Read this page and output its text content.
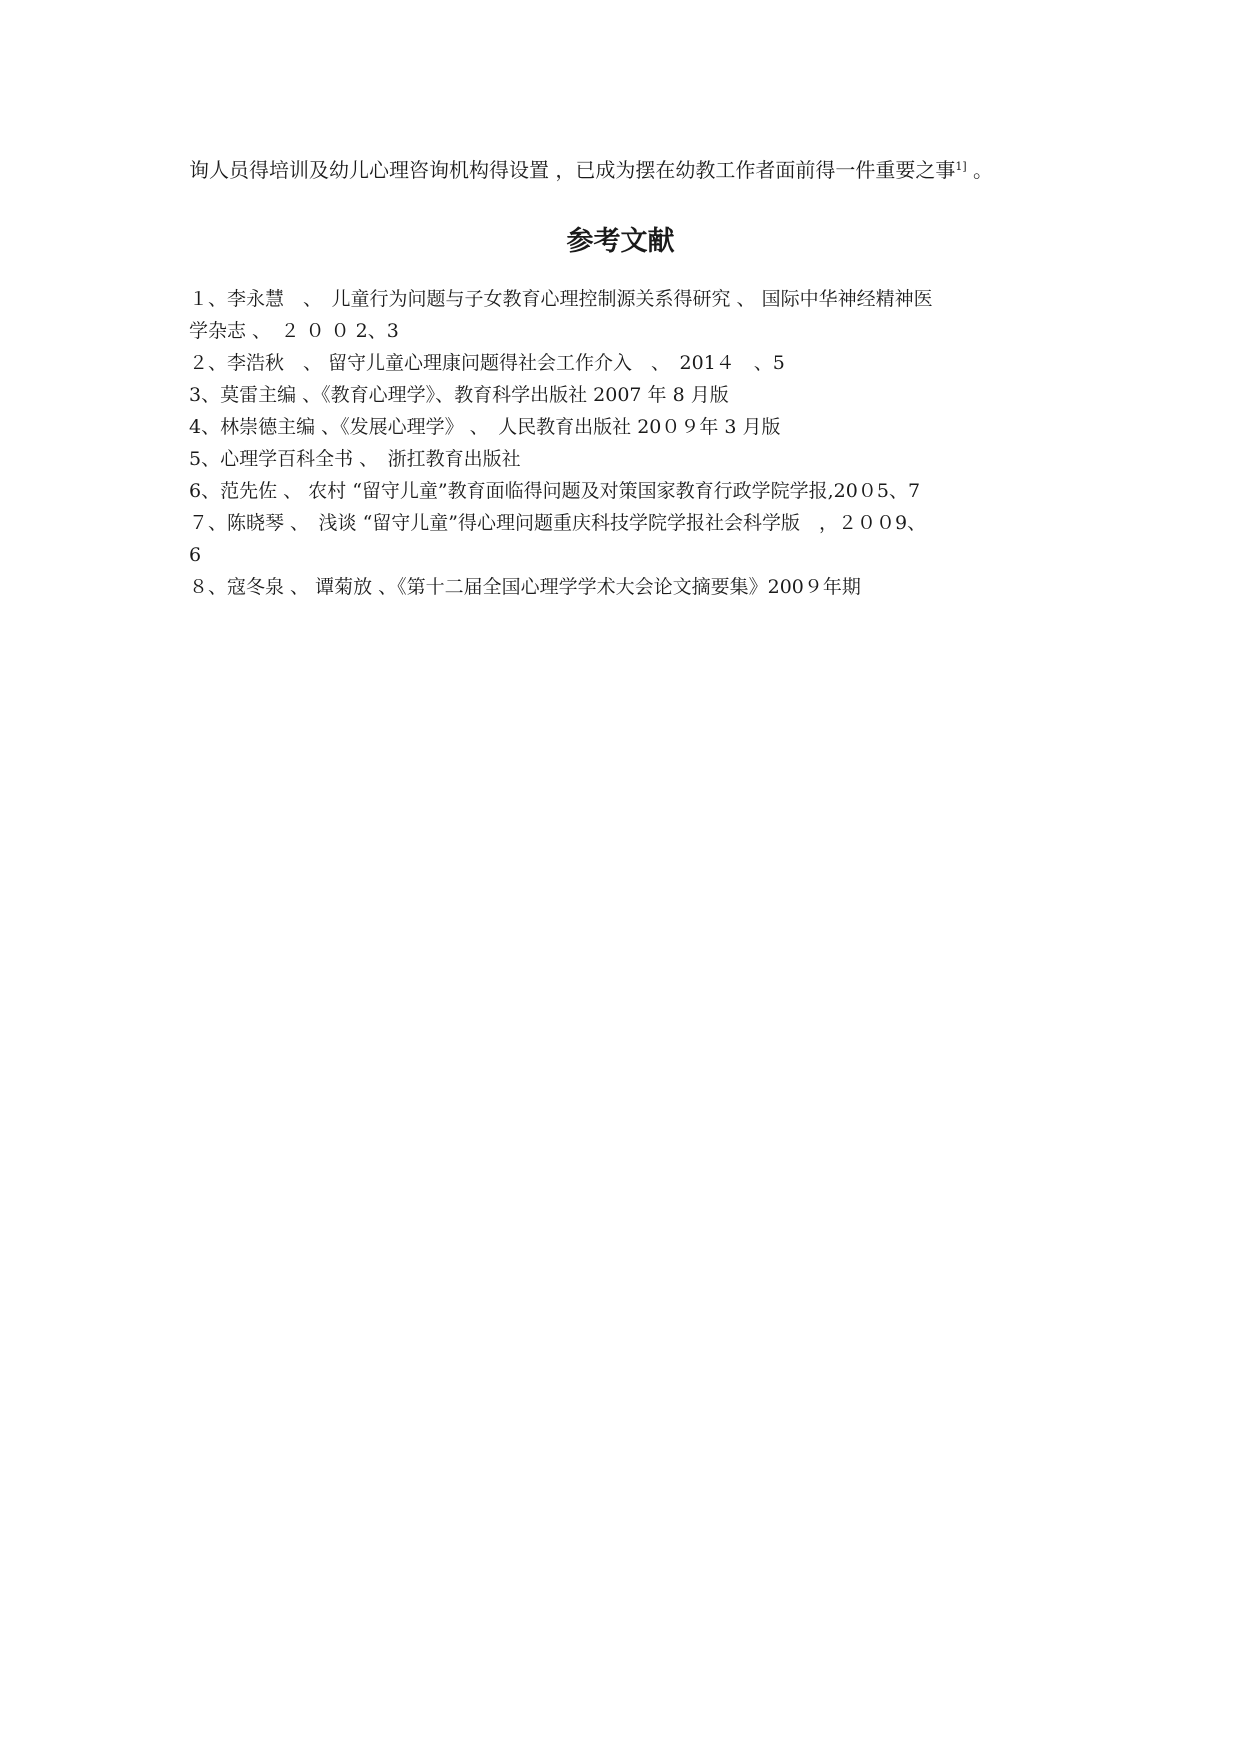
询人员得培训及幼儿心理咨询机构得设置 ，已成为摆在幼教工作者面前得一件重要之事$^{1]}$ 。
参考文献
１、李永慧　、　儿童行为问题与子女教育心理控制源关系得研究 、 国际中华神经精神医
学杂志 、　２ ０ ０ 2、3
２、李浩秋　、 留守儿童心理康问题得社会工作介入　、　201４　、5
3、莫雷主编 、《教育心理学》、教育科学出版社 2007 年 8 月版
4、林崇德主编 、《发展心理学》 、　人民教育出版社 20０９年 3 月版
5、心理学百科全书 、　浙扛教育出版社
6、范先佐 、 农村 “留守儿童”教育面临得问题及对策国家教育行政学院学报,20０5、7
７、陈晓琴 、　浅谈 “留守儿童”得心理问题重庆科技学院学报社会科学版　，２００9、
6
８、寇冬泉 、 谭菊放 、《第十二届全国心理学学术大会论文摘要集》200９年期
